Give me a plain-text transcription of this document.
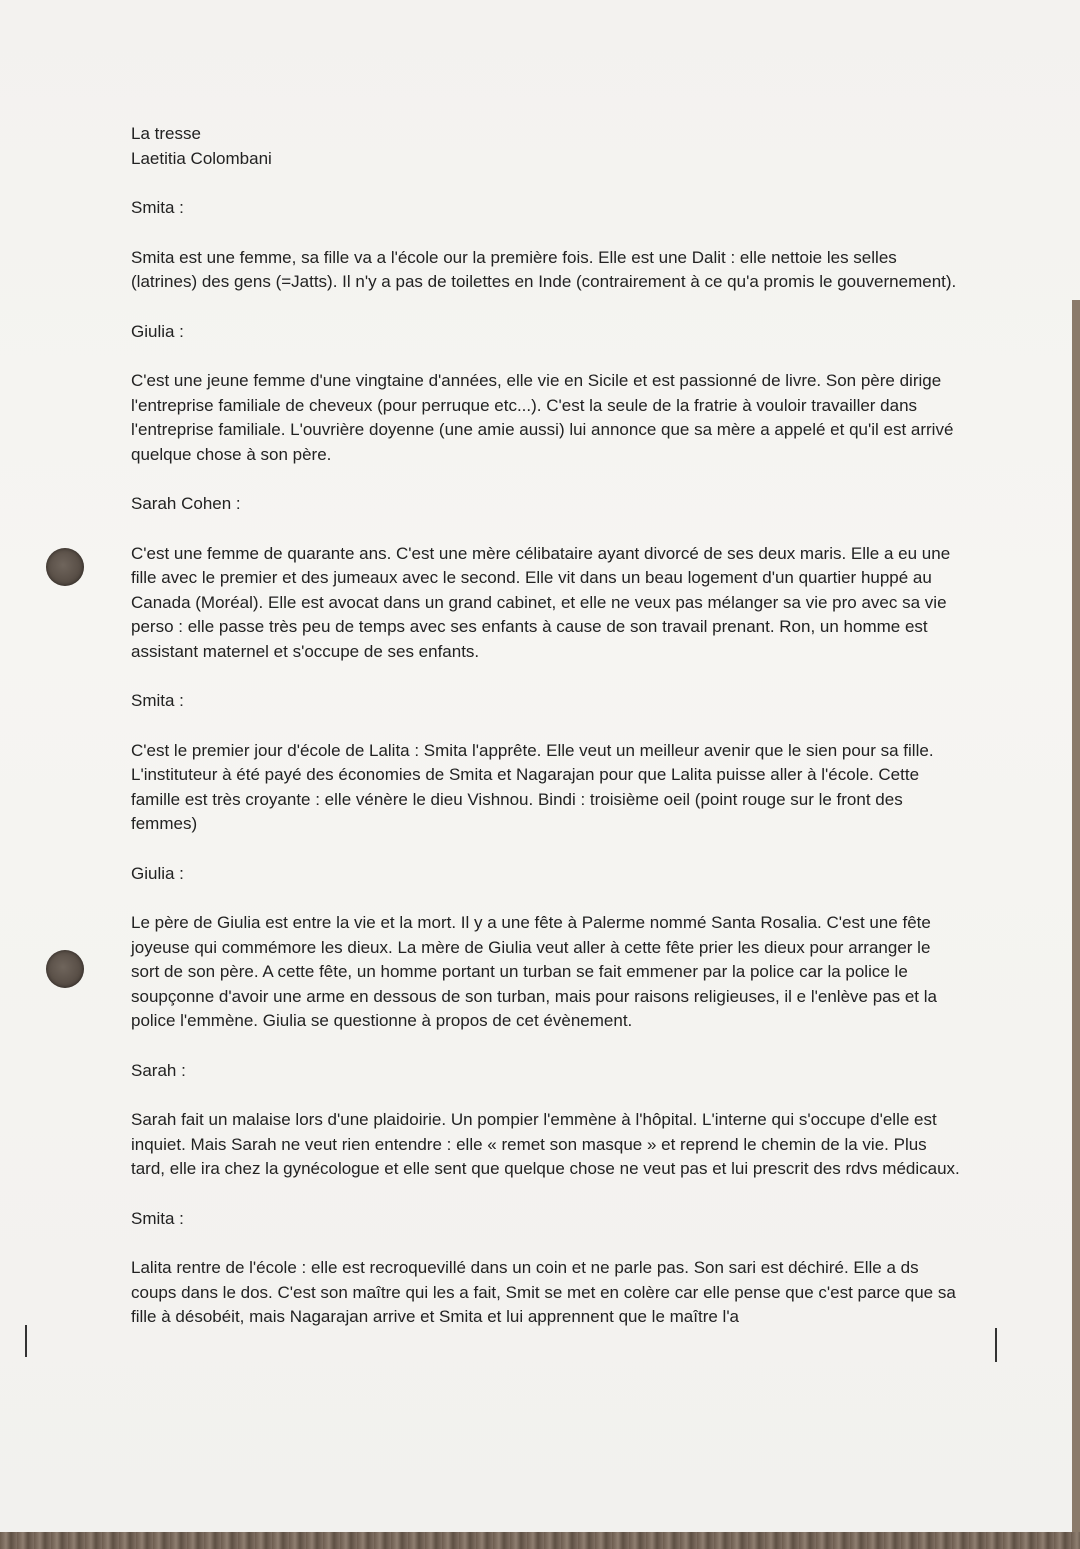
La tresse

Laetitia Colombani

Smita :

Smita est une femme, sa fille va a l'école our la première fois. Elle est une Dalit : elle nettoie les selles (latrines) des gens (=Jatts). Il n'y a pas de toilettes en Inde (contrairement à ce qu'a promis le gouvernement).

Giulia :

C'est une jeune femme d'une vingtaine d'années, elle vie en Sicile et est passionné de livre. Son père dirige l'entreprise familiale de cheveux (pour perruque etc...). C'est la seule de la fratrie à vouloir travailler dans l'entreprise familiale. L'ouvrière doyenne (une amie aussi) lui annonce que sa mère a appelé et qu'il est arrivé quelque chose à son père.

Sarah Cohen :

C'est une femme de quarante ans. C'est une mère célibataire ayant divorcé de ses deux maris. Elle a eu une fille avec le premier et des jumeaux avec le second. Elle vit dans un beau logement d'un quartier huppé au Canada (Moréal). Elle est avocat dans un grand cabinet, et elle ne veux pas mélanger sa vie pro avec sa vie perso : elle passe très peu de temps avec ses enfants à cause de son travail prenant. Ron, un homme est assistant maternel et s'occupe de ses enfants.

Smita :

C'est le premier jour d'école de Lalita : Smita l'apprête. Elle veut un meilleur avenir que le sien pour sa fille. L'instituteur à été payé des économies de Smita et Nagarajan pour que Lalita puisse aller à l'école. Cette famille est très croyante : elle vénère le dieu Vishnou. Bindi : troisième oeil (point rouge sur le front des femmes)

Giulia :

Le père de Giulia est entre la vie et la mort. Il y a une fête à Palerme nommé Santa Rosalia. C'est une fête joyeuse qui commémore les dieux. La mère de Giulia veut aller à cette fête prier les dieux pour arranger le sort de son père. A cette fête, un homme portant un turban se fait emmener par la police car la police le soupçonne d'avoir une arme en dessous de son turban, mais pour raisons religieuses, il e l'enlève pas et la police l'emmène. Giulia se questionne à propos de cet évènement.

Sarah :

Sarah fait un malaise lors d'une plaidoirie. Un pompier l'emmène à l'hôpital. L'interne qui s'occupe d'elle est inquiet. Mais Sarah ne veut rien entendre : elle « remet son masque » et reprend le chemin de la vie. Plus tard, elle ira chez la gynécologue et elle sent que quelque chose ne veut pas et lui prescrit des rdvs médicaux.

Smita :

Lalita rentre de l'école : elle est recroquevillé dans un coin et ne parle pas. Son sari est déchiré. Elle a ds coups dans le dos. C'est son maître qui les a fait, Smit se met en colère car elle pense que c'est parce que sa fille à désobéit, mais Nagarajan arrive et Smita et lui apprennent que le maître l'a
